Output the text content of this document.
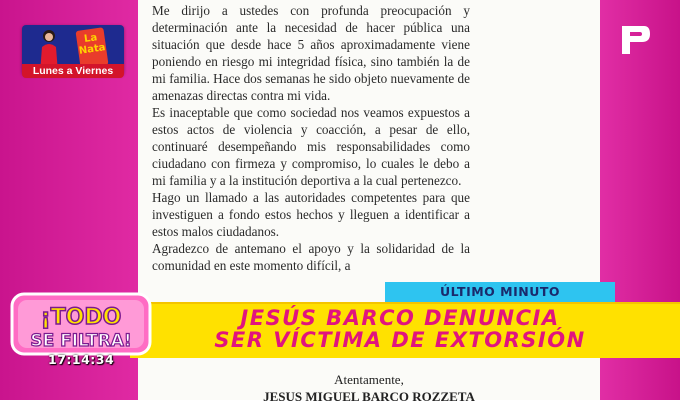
Me dirijo a ustedes con profunda preocupación y determinación ante la necesidad de hacer pública una situación que desde hace 5 años aproximadamente viene poniendo en riesgo mi integridad física, sino también la de mi familia. Hace dos semanas he sido objeto nuevamente de amenazas directas contra mi vida.

Es inaceptable que como sociedad nos veamos expuestos a estos actos de violencia y coacción, a pesar de ello, continuaré desempeñando mis responsabilidades como ciudadano con firmeza y compromiso, lo cuales le debo a mi familia y a la institución deportiva a la cual pertenezco.

Hago un llamado a las autoridades competentes para que investiguen a fondo estos hechos y lleguen a identificar a estos malos ciudadanos.

Agradezco de antemano el apoyo y la solidaridad de la comunidad en este momento difícil, a

Atentamente,
JESUS MIGUEL BARCO ROZZETA
La Nata
Lunes a Viernes
ÚLTIMO MINUTO
JESÚS BARCO DENUNCIA
SER VÍCTIMA DE EXTORSIÓN
¡TODO
SE FILTRA!
17:14:34
